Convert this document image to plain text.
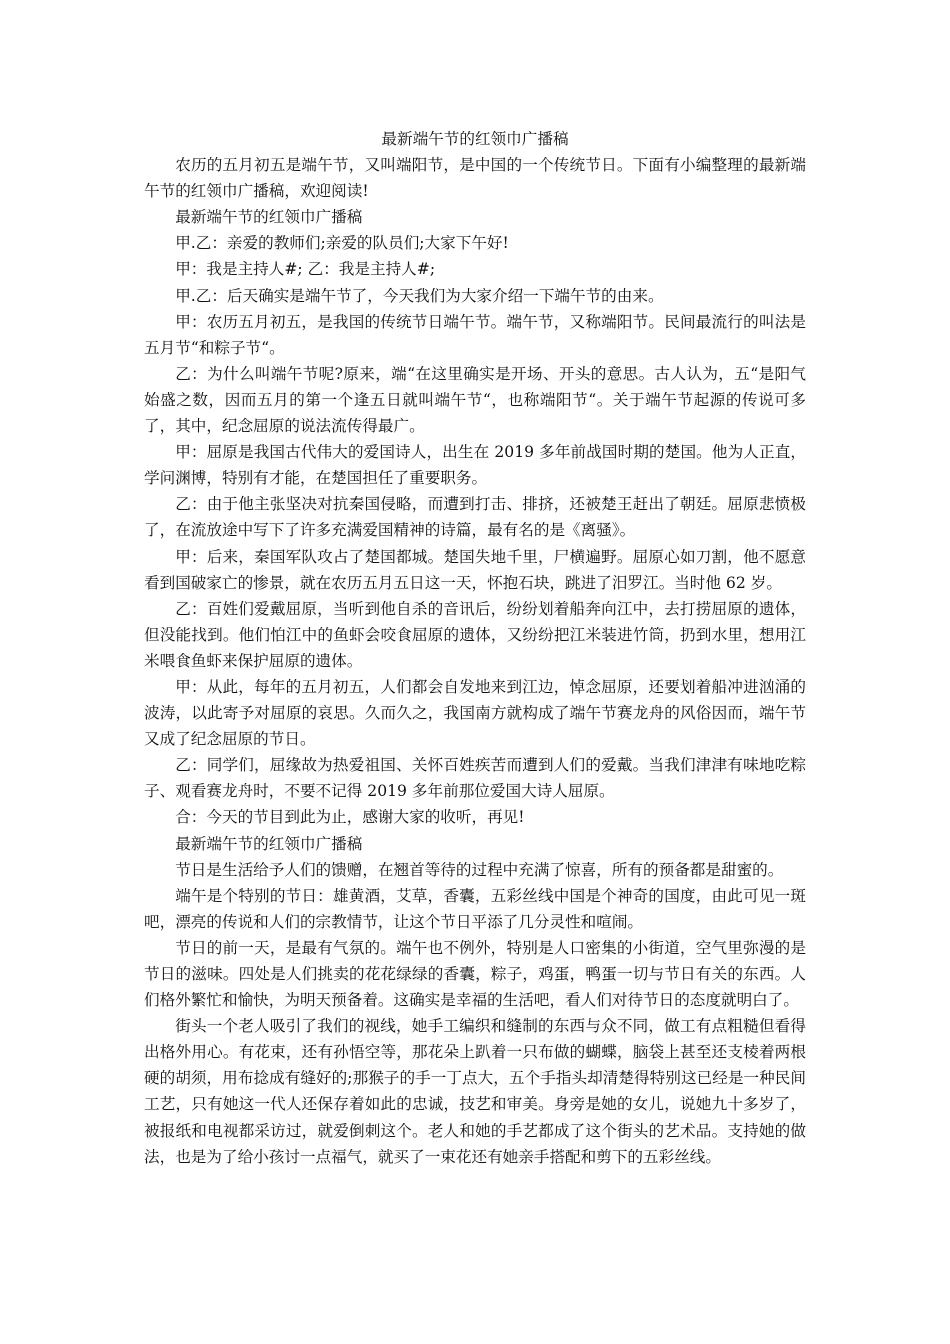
最新端午节的红领巾广播稿

农历的五月初五是端午节，又叫端阳节，是中国的一个传统节日。下面有小编整理的最新端午节的红领巾广播稿，欢迎阅读!

最新端午节的红领巾广播稿

甲.乙：亲爱的教师们;亲爱的队员们;大家下午好!

甲：我是主持人#; 乙：我是主持人#;

甲.乙：后天确实是端午节了，今天我们为大家介绍一下端午节的由来。

甲：农历五月初五，是我国的传统节日端午节。端午节，又称端阳节。民间最流行的叫法是五月节“和粽子节“。

乙：为什么叫端午节呢?原来，端“在这里确实是开场、开头的意思。古人认为，五“是阳气始盛之数，因而五月的第一个逢五日就叫端午节“，也称端阳节“。关于端午节起源的传说可多了，其中，纪念屈原的说法流传得最广。

甲：屈原是我国古代伟大的爱国诗人，出生在 2019 多年前战国时期的楚国。他为人正直，学问渊博，特别有才能，在楚国担任了重要职务。

乙：由于他主张坚决对抗秦国侵略，而遭到打击、排挤，还被楚王赶出了朝廷。屈原悲愤极了，在流放途中写下了许多充满爱国精神的诗篇，最有名的是《离骚》。

甲：后来，秦国军队攻占了楚国都城。楚国失地千里，尸横遍野。屈原心如刀割，他不愿意看到国破家亡的惨景，就在农历五月五日这一天，怀抱石块，跳进了汨罗江。当时他 62 岁。

乙：百姓们爱戴屈原，当听到他自杀的音讯后，纷纷划着船奔向江中，去打捞屈原的遗体，但没能找到。他们怕江中的鱼虾会咬食屈原的遗体，又纷纷把江米装进竹筒，扔到水里，想用江米喂食鱼虾来保护屈原的遗体。

甲：从此，每年的五月初五，人们都会自发地来到江边，悼念屈原，还要划着船冲进汹涌的波涛，以此寄予对屈原的哀思。久而久之，我国南方就构成了端午节赛龙舟的风俗因而，端午节又成了纪念屈原的节日。

乙：同学们，屈缘故为热爱祖国、关怀百姓疾苦而遭到人们的爱戴。当我们津津有味地吃粽子、观看赛龙舟时，不要不记得 2019 多年前那位爱国大诗人屈原。

合：今天的节目到此为止，感谢大家的收听，再见!

最新端午节的红领巾广播稿

节日是生活给予人们的馈赠，在翘首等待的过程中充满了惊喜，所有的预备都是甜蜜的。

端午是个特别的节日：雄黄酒，艾草，香囊，五彩丝线中国是个神奇的国度，由此可见一斑吧，漂亮的传说和人们的宗教情节，让这个节日平添了几分灵性和喧闹。

节日的前一天，是最有气氛的。端午也不例外，特别是人口密集的小街道，空气里弥漫的是节日的滋味。四处是人们挑卖的花花绿绿的香囊，粽子，鸡蛋，鸭蛋一切与节日有关的东西。人们格外繁忙和愉快，为明天预备着。这确实是幸福的生活吧，看人们对待节日的态度就明白了。

街头一个老人吸引了我们的视线，她手工编织和缝制的东西与众不同，做工有点粗糙但看得出格外用心。有花束，还有孙悟空等，那花朵上趴着一只布做的蝴蝶，脑袋上甚至还支棱着两根硬的胡须，用布捻成有缝好的;那猴子的手一丁点大，五个手指头却清楚得特别这已经是一种民间工艺，只有她这一代人还保存着如此的忠诚，技艺和审美。身旁是她的女儿，说她九十多岁了，被报纸和电视都采访过，就爱倒刺这个。老人和她的手艺都成了这个街头的艺术品。支持她的做法，也是为了给小孩讨一点福气，就买了一束花还有她亲手搭配和剪下的五彩丝线。
